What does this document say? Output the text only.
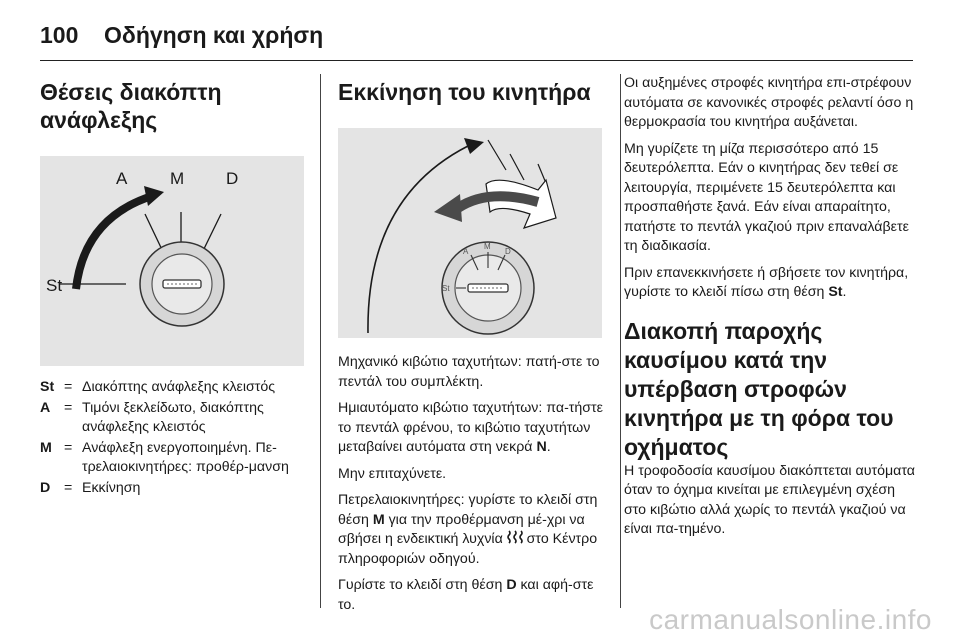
100 Οδήγηση και χρήση
Θέσεις διακόπτη ανάφλεξης
A	M D
St
St = Διακόπτης ανάφλεξης κλειστός
A = Τιμόνι ξεκλείδωτο, διακόπτης ανάφλεξης κλειστός
M = Ανάφλεξη ενεργοποιημένη. Πε-τρελαιοκινητήρες: προθέρ-μανση
D = Εκκίνηση
Εκκίνηση του κινητήρα
A
M
D
St

Μηχανικό κιβώτιο ταχυτήτων: πατή-στε το πεντάλ του συμπλέκτη.

Ημιαυτόματο κιβώτιο ταχυτήτων: πα-τήστε το πεντάλ φρένου, το κιβώτιο ταχυτήτων μεταβαίνει αυτόματα στη νεκρά N.

Μην επιταχύνετε.

Πετρελαιοκινητήρες: γυρίστε το κλειδί στη θέση M για την προθέρμανση μέ-χρι να σβήσει η ενδεικτική λυχνία  στο Κέντρο πληροφοριών οδηγού.

Γυρίστε το κλειδί στη θέση D και αφή-στε το.

Οι αυξημένες στροφές κινητήρα επι-στρέφουν αυτόματα σε κανονικές στροφές ρελαντί όσο η θερμοκρασία του κινητήρα αυξάνεται.

Μη γυρίζετε τη μίζα περισσότερο από 15 δευτερόλεπτα. Εάν ο κινητήρας δεν τεθεί σε λειτουργία, περιμένετε 15 δευτερόλεπτα και προσπαθήστε ξανά. Εάν είναι απαραίτητο, πατήστε το πεντάλ γκαζιού πριν επαναλάβετε τη διαδικασία.

Πριν επανεκκινήσετε ή σβήσετε τον κινητήρα, γυρίστε το κλειδί πίσω στη θέση St.

Διακοπή παροχής καυσίμου κατά την υπέρβαση στροφών κινητήρα με τη φόρα του οχήματος

Η τροφοδοσία καυσίμου διακόπτεται αυτόματα όταν το όχημα κινείται με επιλεγμένη σχέση στο κιβώτιο αλλά χωρίς το πεντάλ γκαζιού να είναι πα-τημένο.

carmanualsonline.info
